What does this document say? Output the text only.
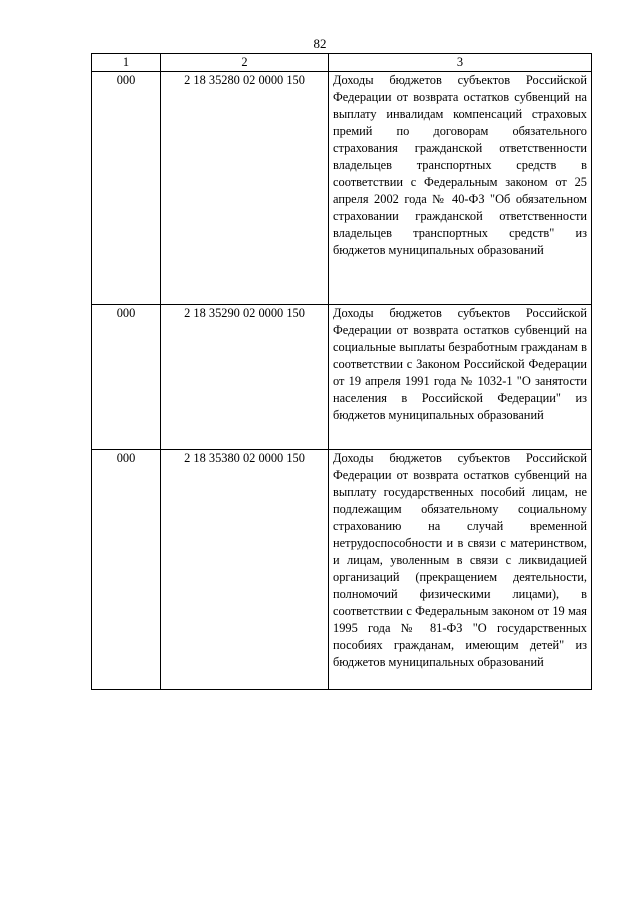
82
1	2	3
000	2 18 35280 02 0000 150	Доходы бюджетов субъектов Российской Федерации от возврата остатков субвенций на выплату инвалидам компенсаций страховых премий по договорам обязательного страхования гражданской ответственности владельцев транспортных средств в соответствии с Федеральным законом от 25 апреля 2002 года № 40-ФЗ "Об обязательном страховании гражданской ответственности владельцев транспортных средств" из бюджетов муниципальных образований
000	2 18 35290 02 0000 150	Доходы бюджетов субъектов Российской Федерации от возврата остатков субвенций на социальные выплаты безработным гражданам в соответствии с Законом Российской Федерации от 19 апреля 1991 года № 1032-1 "О занятости населения в Российской Федерации" из бюджетов муниципальных образований
000	2 18 35380 02 0000 150	Доходы бюджетов субъектов Российской Федерации от возврата остатков субвенций на выплату государственных пособий лицам, не подлежащим обязательному социальному страхованию на случай временной нетрудоспособности и в связи с материнством, и лицам, уволенным в связи с ликвидацией организаций (прекращением деятельности, полномочий физическими лицами), в соответствии с Федеральным законом от 19 мая 1995 года № 81-ФЗ "О государственных пособиях гражданам, имеющим детей" из бюджетов муниципальных образований
